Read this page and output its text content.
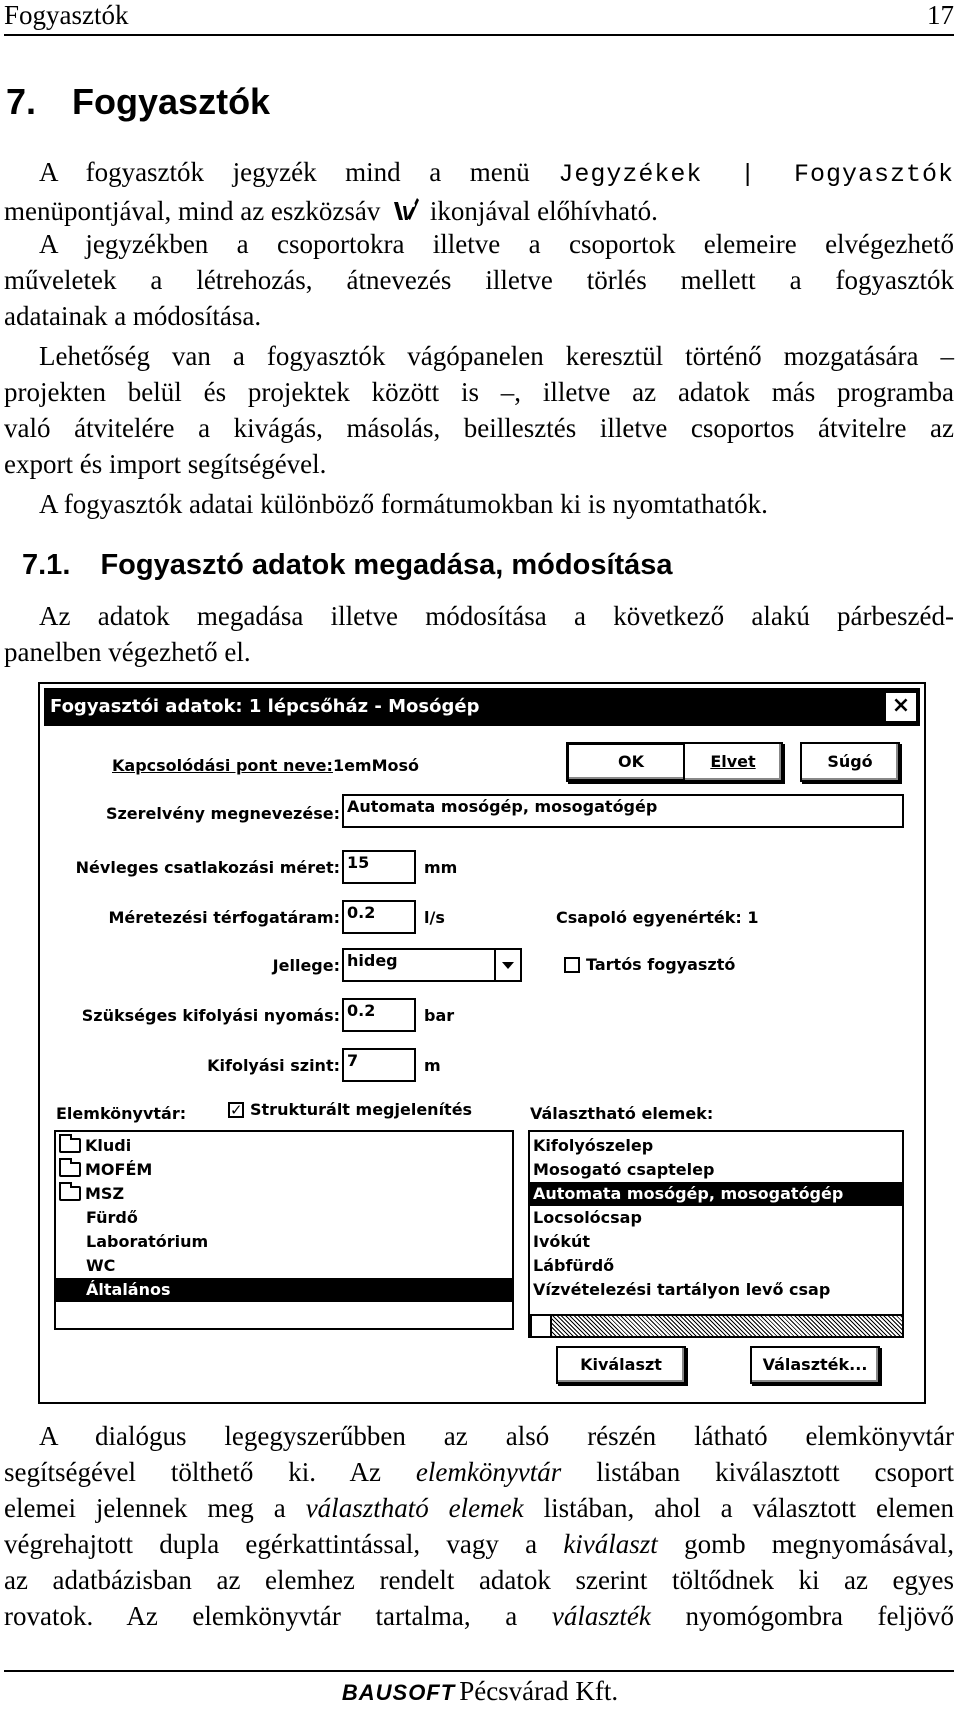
Fogyasztók	17
7. Fogyasztók
A fogyasztók jegyzék mind a menü Jegyzékek | Fogyasztók
menüpontjával, mind az eszközsáv ikonjával előhívható.
A jegyzékben a csoportokra illetve a csoportok elemeire elvégezhető
műveletek a létrehozás, átnevezés illetve törlés mellett a fogyasztók
adatainak a módosítása.
Lehetőség van a fogyasztók vágópanelen keresztül történő mozgatására –
projekten belül és projektek között is –, illetve az adatok más programba
való átvitelére a kivágás, másolás, beillesztés illetve csoportos átvitelre az
export és import segítségével.
A fogyasztók adatai különböző formátumokban ki is nyomtathatók.
7.1. Fogyasztó adatok megadása, módosítása
Az adatok megadása illetve módosítása a következő alakú párbeszéd-
panelben végezhető el.
Fogyasztói adatok: 1 lépcsőház - Mosógép	×
Kapcsolódási pont neve:1emMosó	OK	Elvet	Súgó
Szerelvény megnevezése: Automata mosógép, mosogatógép
Névleges csatlakozási méret: 15	mm
Méretezési térfogatáram: 0.2	l/s	Csapoló egyenérték: 1
Jellege: hideg	Tartós fogyasztó
Szükséges kifolyási nyomás: 0.2	bar
Kifolyási szint: 7	m
Elemkönyvtár:	✓ Strukturált megjelenítés	Választható elemek:
Kludi
MOFÉM
MSZ
Fürdő
Laboratórium
WC
Általános
Kifolyószelep
Mosogató csaptelep
Automata mosógép, mosogatógép
Locsolócsap
Ivókút
Lábfürdő
Vízvételezési tartályon levő csap
Kiválaszt	Választék...
A dialógus legegyszerűbben az alsó részén látható elemkönyvtár
segítségével tölthető ki. Az elemkönyvtár listában kiválasztott csoport
elemei jelennek meg a választható elemek listában, ahol a választott elemen
végrehajtott dupla egérkattintással, vagy a kiválaszt gomb megnyomásával,
az adatbázisban az elemhez rendelt adatok szerint töltődnek ki az egyes
rovatok. Az elemkönyvtár tartalma, a választék nyomógombra feljövő
BAUSOFT Pécsvárad Kft.
